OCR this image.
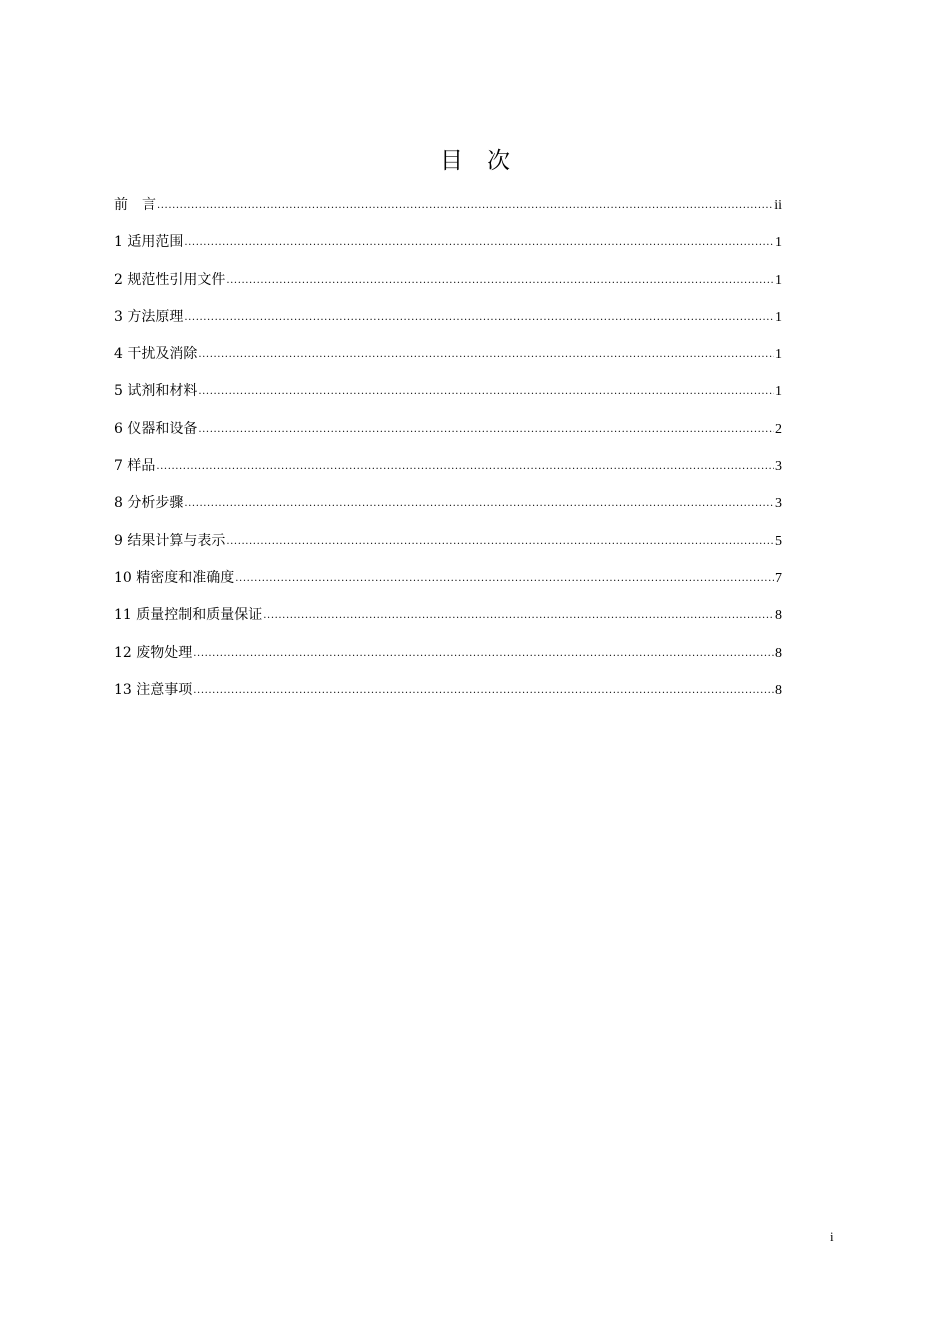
目 次
前　言 .....	ii
1 适用范围 .....	1
2 规范性引用文件 .....	1
3 方法原理 .....	1
4 干扰及消除 .....	1
5 试剂和材料 .....	1
6 仪器和设备 .....	2
7 样品 .....	3
8 分析步骤 .....	3
9 结果计算与表示 .....	5
10 精密度和准确度 .....	7
11 质量控制和质量保证 .....	8
12 废物处理 .....	8
13 注意事项 .....	8
i
